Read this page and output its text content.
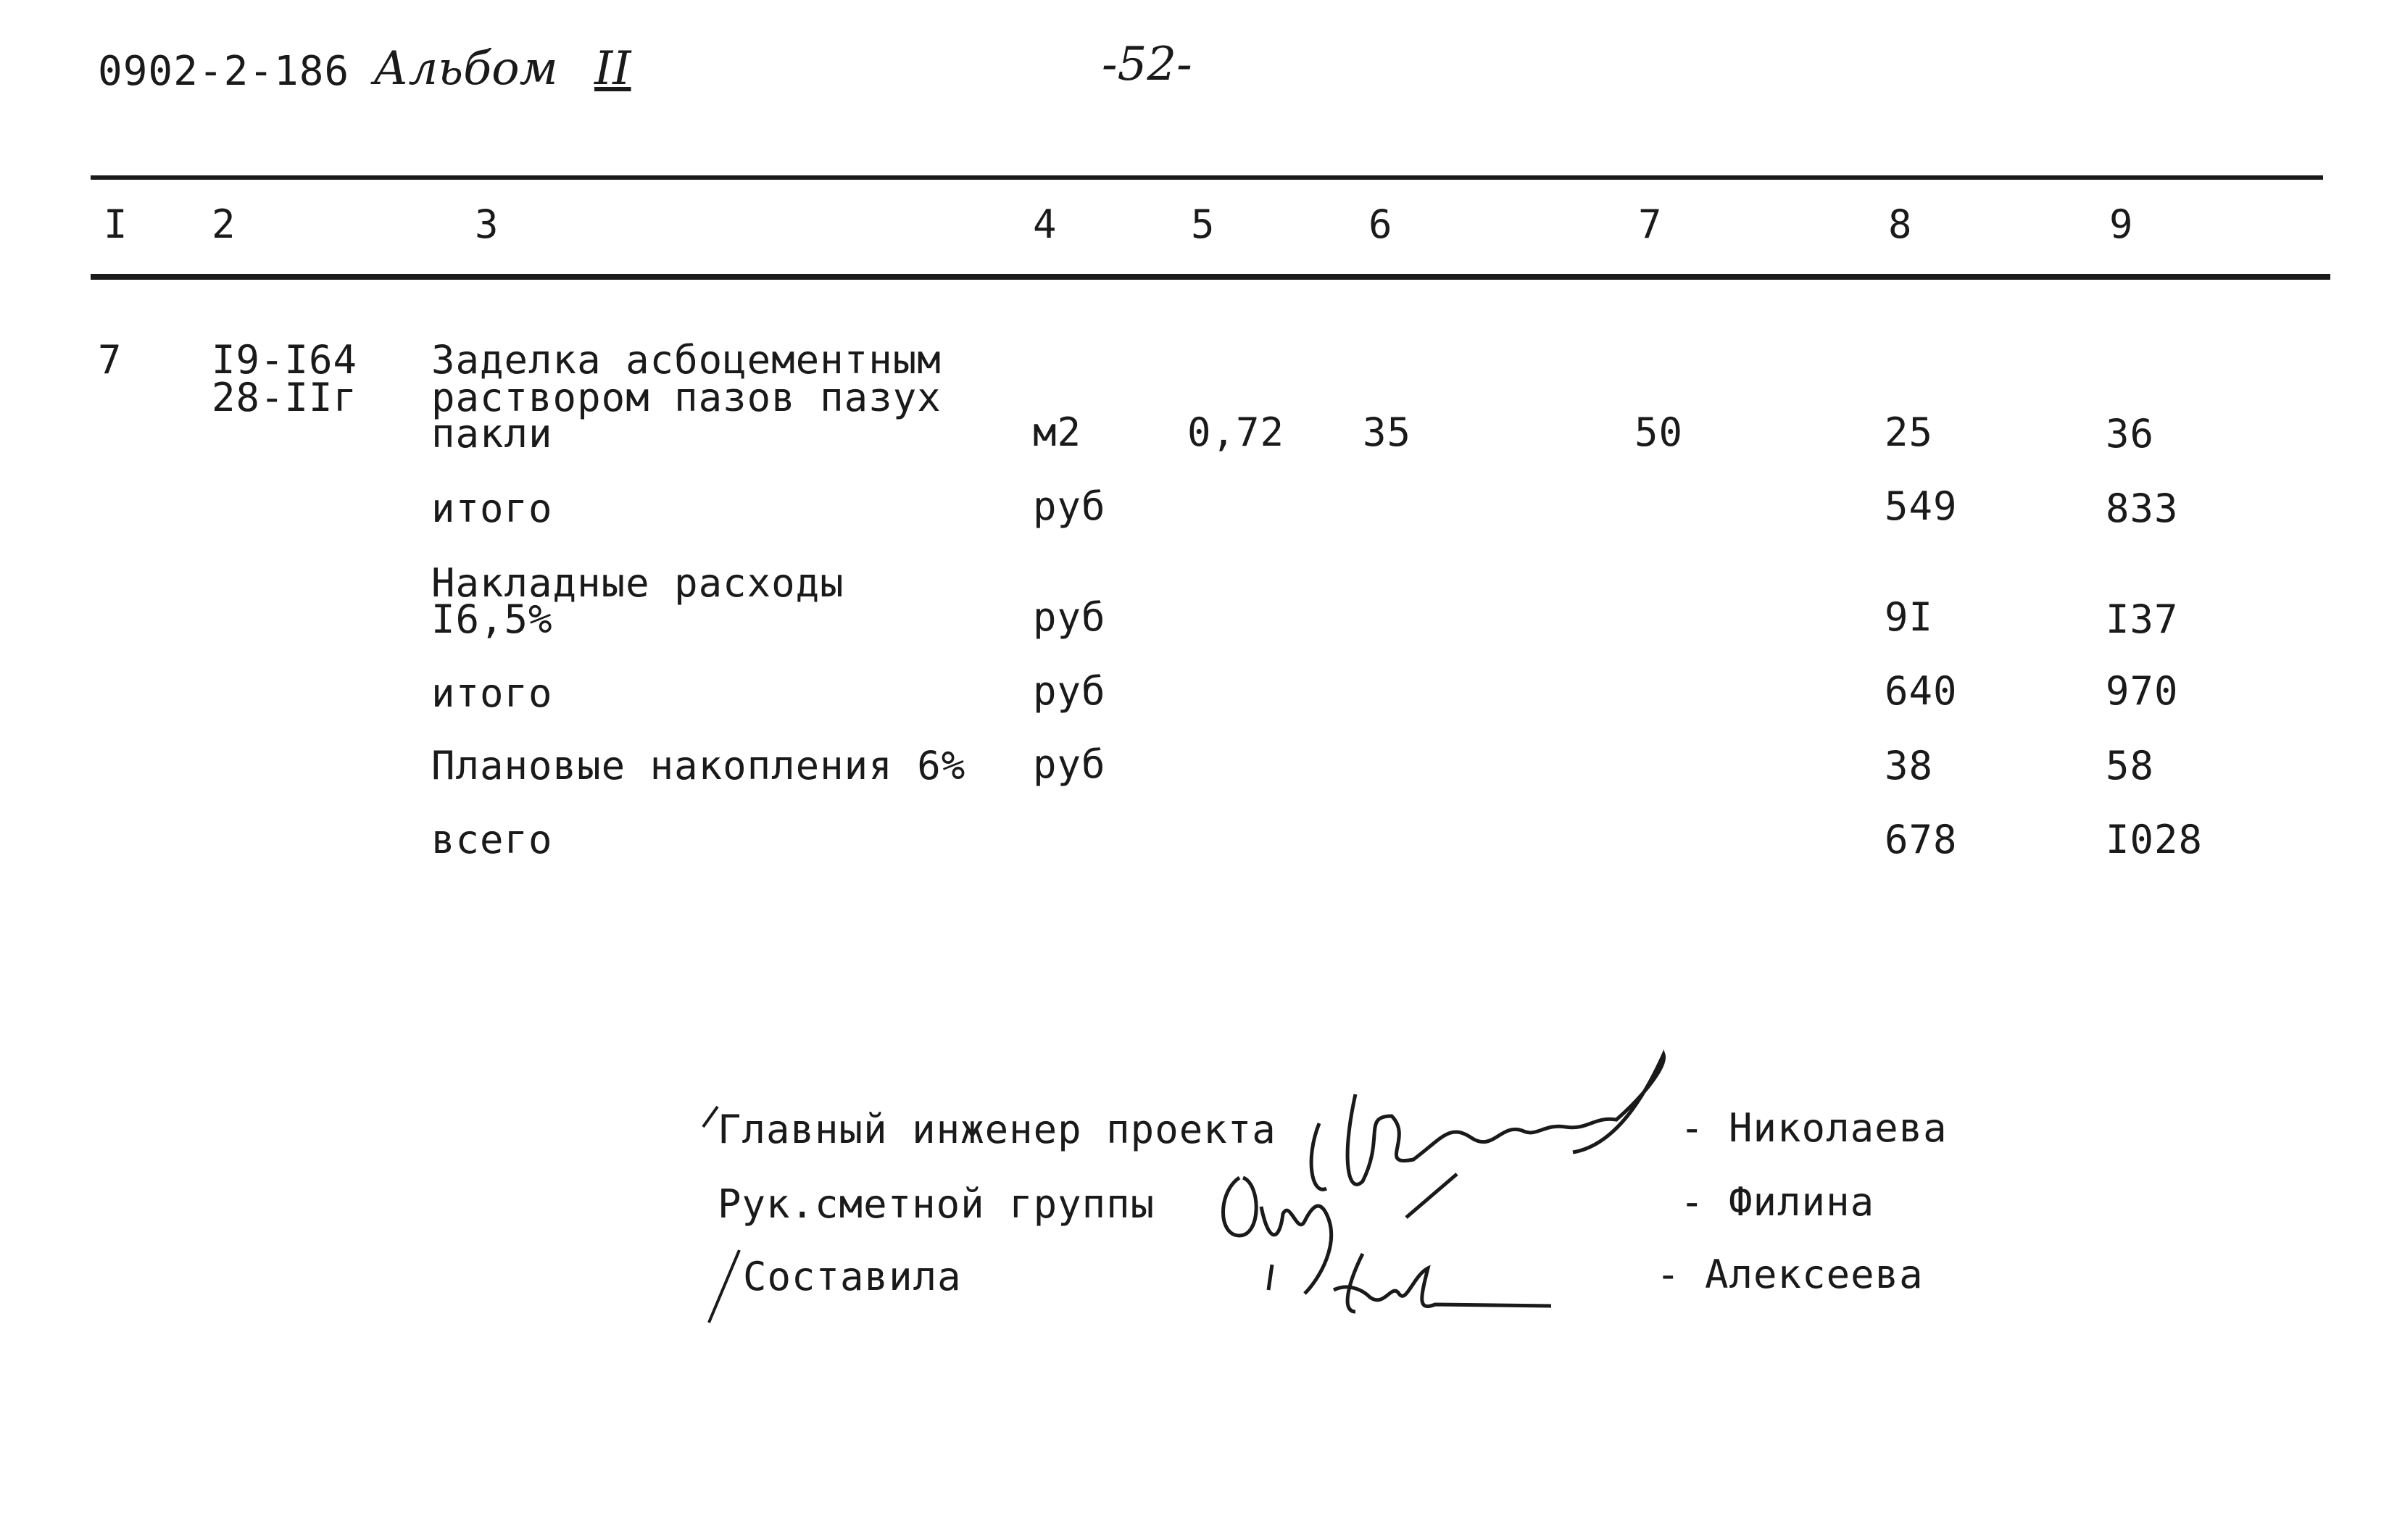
0902-2-186 Альбом II	-52-
I 2	3	4	5	6	7	8	9
7 I9-I64
28-IIг
Заделка асбоцементным
раствором пазов пазух
пакли	м2	0,72 35	50	25	36
итого	руб	549	833
Накладные расходы
I6,5%	руб	9I	I37
итого	руб	640	970
Плановые накопления 6% руб	38	58
всего	678	I028
Главный инженер проекта	- Николаева
Рук.сметной группы	- Филина
Составила	- Алексеева
